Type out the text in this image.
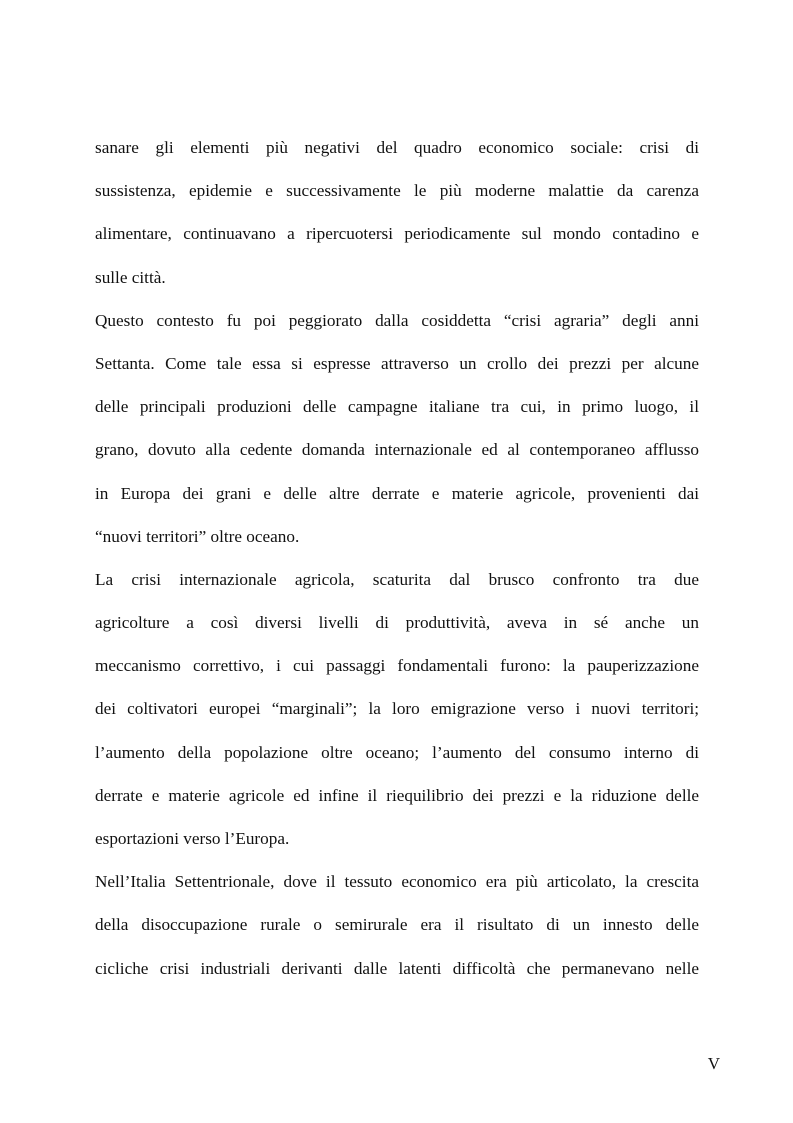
sanare gli elementi più negativi del quadro economico sociale: crisi di
sussistenza, epidemie e successivamente le più moderne malattie da carenza
alimentare, continuavano a ripercuotersi periodicamente sul mondo contadino e
sulle città.

Questo contesto fu poi peggiorato dalla cosiddetta “crisi agraria” degli anni
Settanta. Come tale essa si espresse attraverso un crollo dei prezzi per alcune
delle principali produzioni delle campagne italiane tra cui, in primo luogo, il
grano, dovuto alla cedente domanda internazionale ed al contemporaneo afflusso
in Europa dei grani e delle altre derrate e materie agricole, provenienti dai
“nuovi territori” oltre oceano.

La crisi internazionale agricola, scaturita dal brusco confronto tra due
agricolture a così diversi livelli di produttività, aveva in sé anche un
meccanismo correttivo, i cui passaggi fondamentali furono: la pauperizzazione
dei coltivatori europei “marginali”; la loro emigrazione verso i nuovi territori;
l’aumento della popolazione oltre oceano; l’aumento del consumo interno di
derrate e materie agricole ed infine il riequilibrio dei prezzi e la riduzione delle
esportazioni verso l’Europa.

Nell’Italia Settentrionale, dove il tessuto economico era più articolato, la crescita
della disoccupazione rurale o semirurale era il risultato di un innesto delle
cicliche crisi industriali derivanti dalle latenti difficoltà che permanevano nelle

V
